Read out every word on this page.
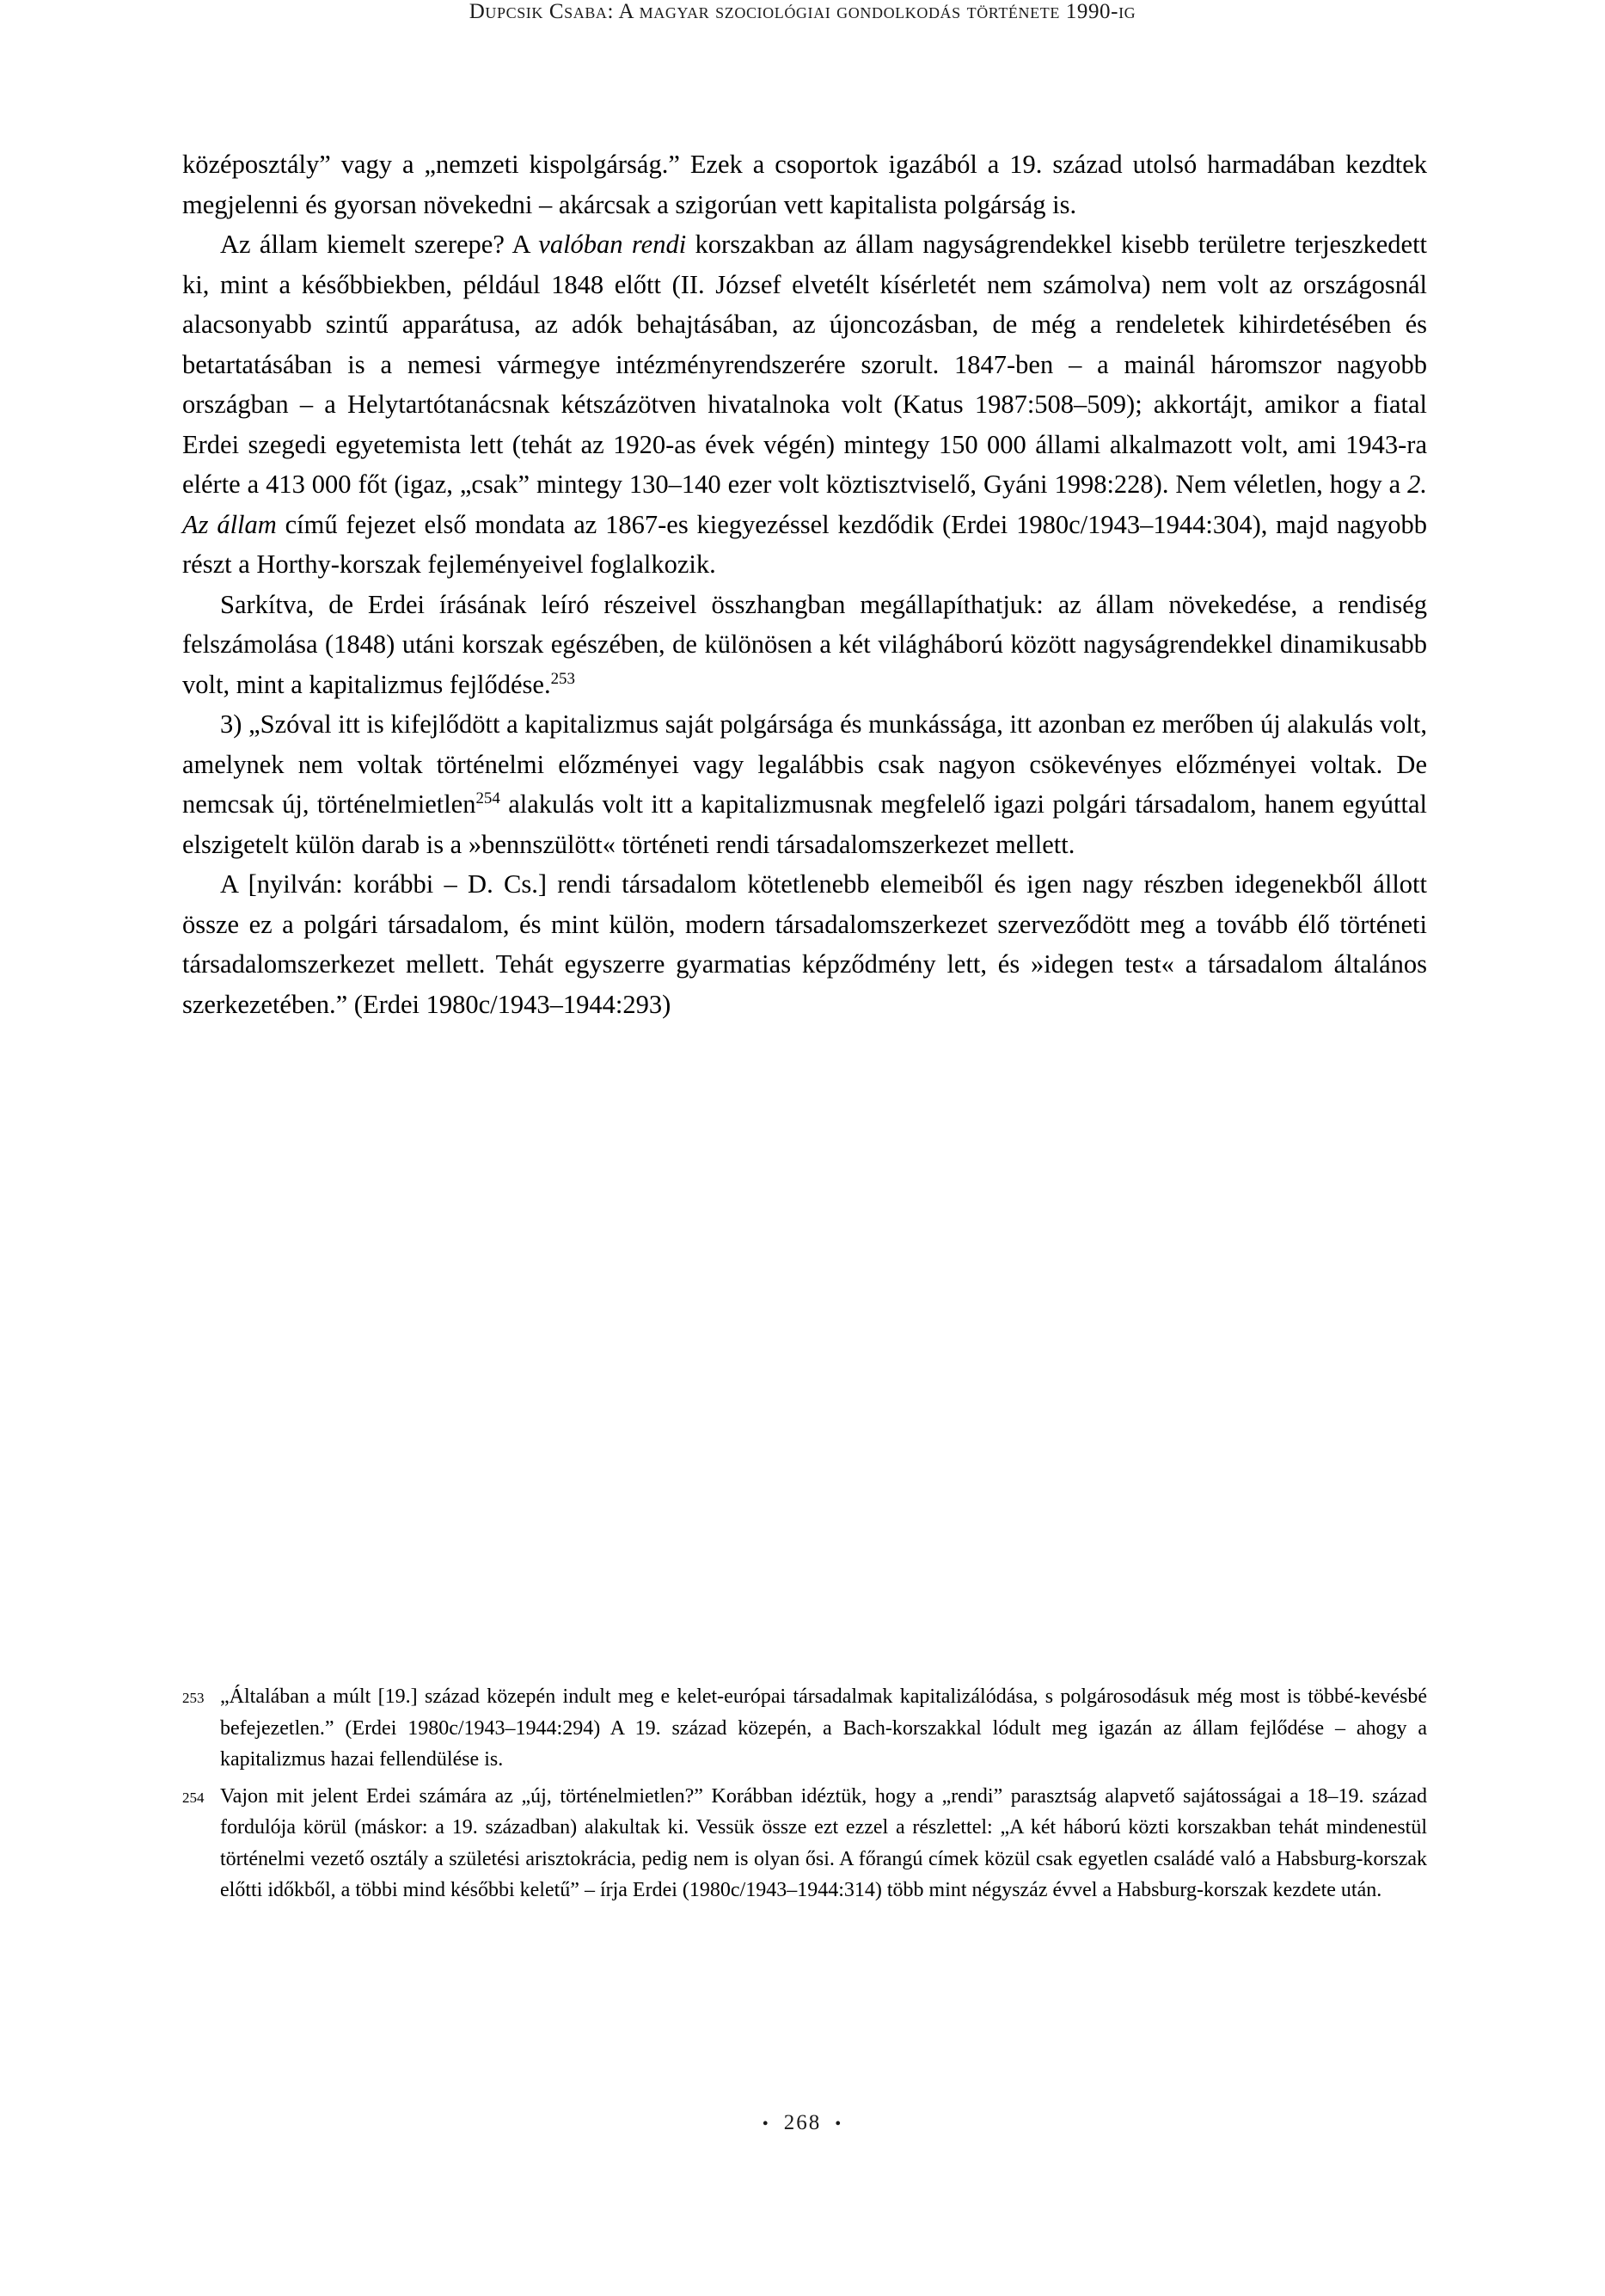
Dupcsik Csaba: A magyar szociológiai gondolkodás története 1990-ig

középosztály” vagy a „nemzeti kispolgárság.” Ezek a csoportok igazából a 19. század utolsó harmadában kezdtek megjelenni és gyorsan növekedni – akárcsak a szigorúan vett kapitalista polgárság is.

Az állam kiemelt szerepe? A valóban rendi korszakban az állam nagyságrendekkel kisebb területre terjeszkedett ki, mint a későbbiekben, például 1848 előtt (II. József elvetélt kísérletét nem számolva) nem volt az országosnál alacsonyabb szintű apparátusa, az adók behajtásában, az újoncozásban, de még a rendeletek kihirdetésében és betartatásában is a nemesi vármegye intézményrendszerére szorult. 1847-ben – a mainál háromszor nagyobb országban – a Helytartótanácsnak kétszázötven hivatalnoka volt (Katus 1987:508–509); akkortájt, amikor a fiatal Erdei szegedi egyetemista lett (tehát az 1920-as évek végén) mintegy 150 000 állami alkalmazott volt, ami 1943-ra elérte a 413 000 főt (igaz, „csak” mintegy 130–140 ezer volt köztisztviselő, Gyáni 1998:228). Nem véletlen, hogy a 2. Az állam című fejezet első mondata az 1867-es kiegyezéssel kezdődik (Erdei 1980c/1943–1944:304), majd nagyobb részt a Horthy-korszak fejleményeivel foglalkozik.

Sarkítva, de Erdei írásának leíró részeivel összhangban megállapíthatjuk: az állam növekedése, a rendiség felszámolása (1848) utáni korszak egészében, de különösen a két világháború között nagyságrendekkel dinamikusabb volt, mint a kapitalizmus fejlődése.$^{253}$

3) „Szóval itt is kifejlődött a kapitalizmus saját polgársága és munkássága, itt azonban ez merőben új alakulás volt, amelynek nem voltak történelmi előzményei vagy legalábbis csak nagyon csökevényes előzményei voltak. De nemcsak új, történelmietlen$^{254}$ alakulás volt itt a kapitalizmusnak megfelelő igazi polgári társadalom, hanem egyúttal elszigetelt külön darab is a »bennszülött« történeti rendi társadalomszerkezet mellett.

A [nyilván: korábbi – D. Cs.] rendi társadalom kötetlenebb elemeiből és igen nagy részben idegenekből állott össze ez a polgári társadalom, és mint külön, modern társadalomszerkezet szerveződött meg a tovább élő történeti társadalomszerkezet mellett. Tehát egyszerre gyarmatias képződmény lett, és »idegen test« a társadalom általános szerkezetében.” (Erdei 1980c/1943–1944:293)

253 „Általában a múlt [19.] század közepén indult meg e kelet-európai társadalmak kapitalizálódása, s polgárosodásuk még most is többé-kevésbé befejezetlen.” (Erdei 1980c/1943–1944:294) A 19. század közepén, a Bach-korszakkal lódult meg igazán az állam fejlődése – ahogy a kapitalizmus hazai fellendülése is.
254 Vajon mit jelent Erdei számára az „új, történelmietlen?” Korábban idéztük, hogy a „rendi” parasztság alapvető sajátosságai a 18–19. század fordulója körül (máskor: a 19. században) alakultak ki. Vessük össze ezt ezzel a részlettel: „A két háború közti korszakban tehát mindenestül történelmi vezető osztály a születési arisztokrácia, pedig nem is olyan ősi. A főrangú címek közül csak egyetlen családé való a Habsburg-korszak előtti időkből, a többi mind későbbi keletű” – írja Erdei (1980c/1943–1944:314) több mint négyszáz évvel a Habsburg-korszak kezdete után.
• 268 •
